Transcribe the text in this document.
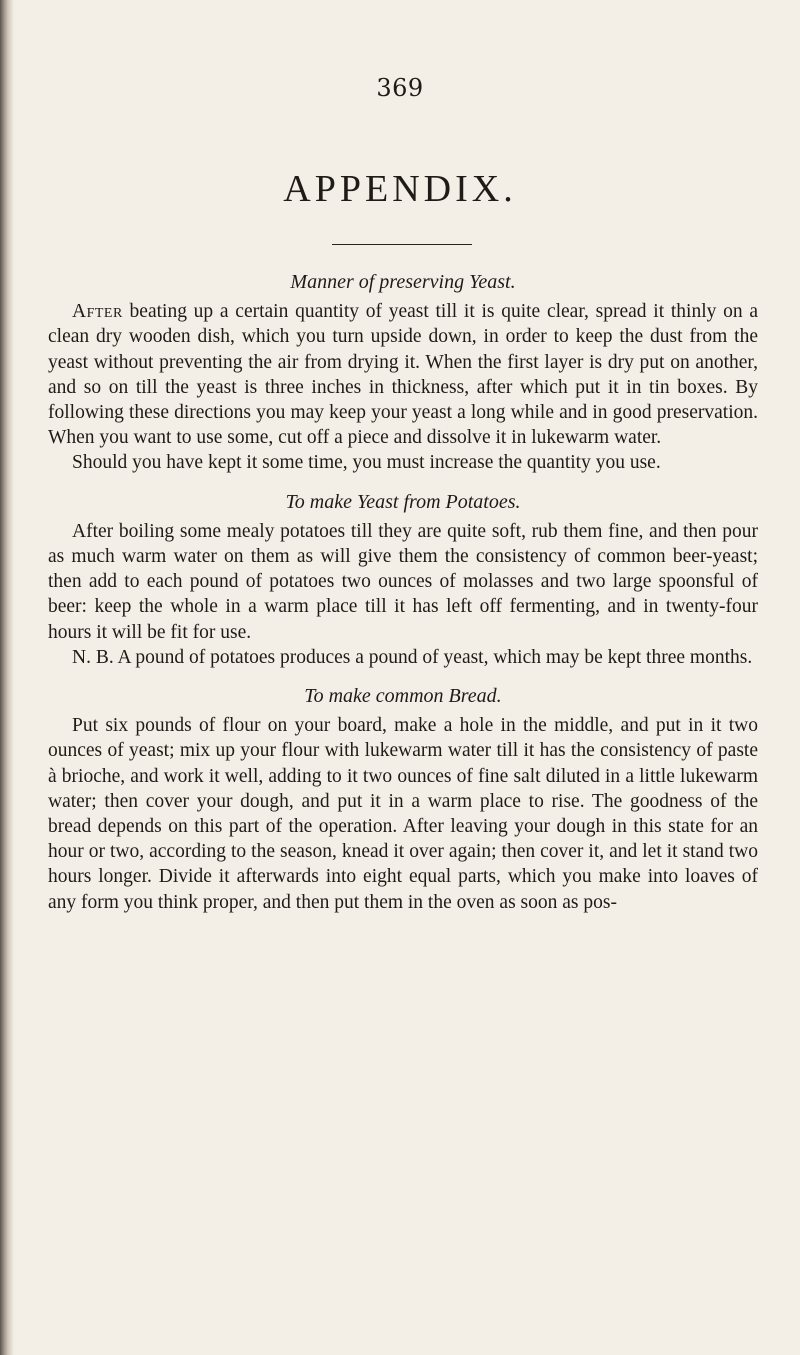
369
APPENDIX.
Manner of preserving Yeast.

After beating up a certain quantity of yeast till it is quite clear, spread it thinly on a clean dry wooden dish, which you turn upside down, in order to keep the dust from the yeast without preventing the air from drying it. When the first layer is dry put on another, and so on till the yeast is three inches in thickness, after which put it in tin boxes. By following these directions you may keep your yeast a long while and in good preservation. When you want to use some, cut off a piece and dissolve it in lukewarm water.

Should you have kept it some time, you must increase the quantity you use.

To make Yeast from Potatoes.

After boiling some mealy potatoes till they are quite soft, rub them fine, and then pour as much warm water on them as will give them the consistency of common beer-yeast; then add to each pound of potatoes two ounces of molasses and two large spoonsful of beer: keep the whole in a warm place till it has left off fermenting, and in twenty-four hours it will be fit for use.

N. B. A pound of potatoes produces a pound of yeast, which may be kept three months.

To make common Bread.

Put six pounds of flour on your board, make a hole in the middle, and put in it two ounces of yeast; mix up your flour with lukewarm water till it has the consistency of paste à brioche, and work it well, adding to it two ounces of fine salt diluted in a little lukewarm water; then cover your dough, and put it in a warm place to rise. The goodness of the bread depends on this part of the operation. After leaving your dough in this state for an hour or two, according to the season, knead it over again; then cover it, and let it stand two hours longer. Divide it afterwards into eight equal parts, which you make into loaves of any form you think proper, and then put them in the oven as soon as pos-
